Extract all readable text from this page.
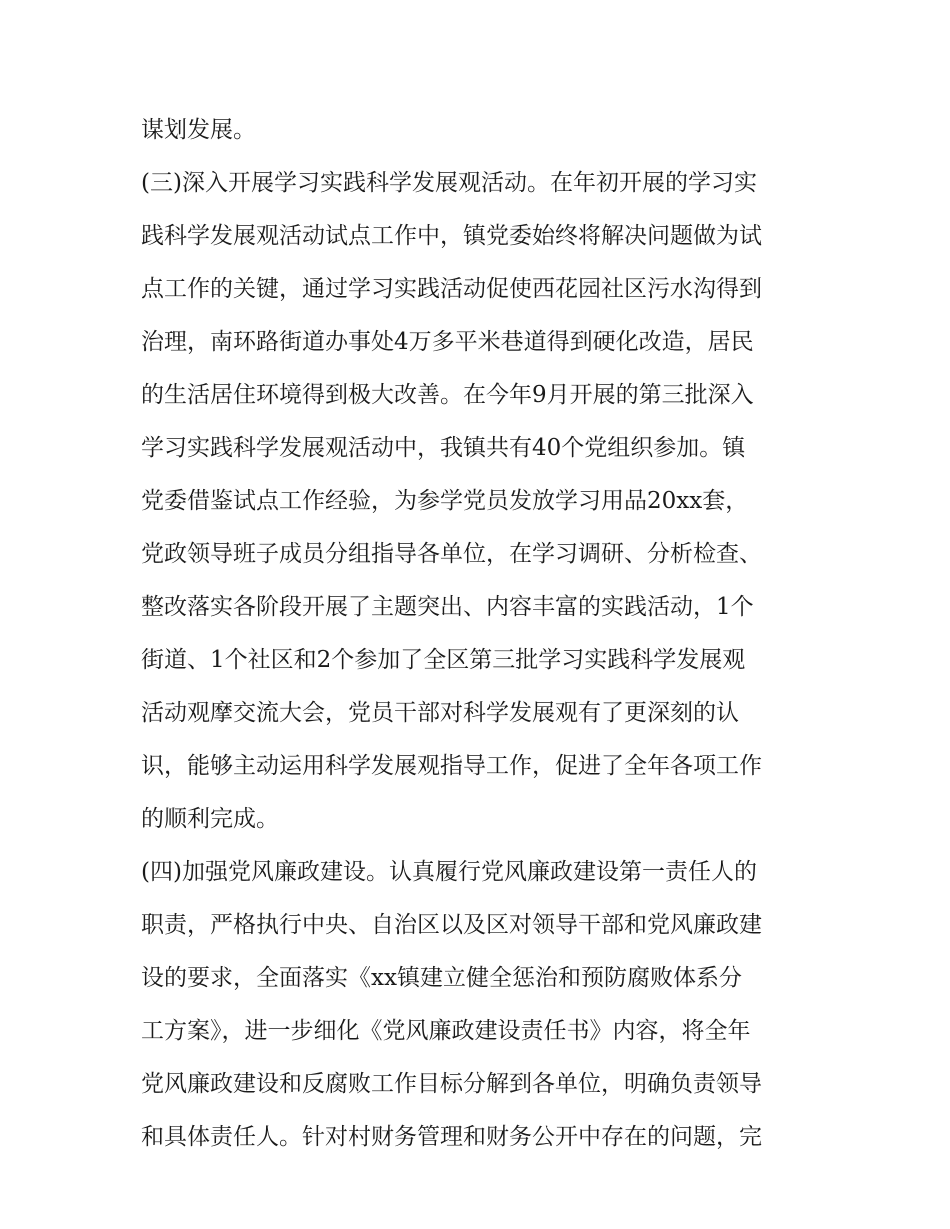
谋划发展。
(三)深入开展学习实践科学发展观活动。在年初开展的学习实
践科学发展观活动试点工作中，镇党委始终将解决问题做为试
点工作的关键，通过学习实践活动促使西花园社区污水沟得到
治理，南环路街道办事处4万多平米巷道得到硬化改造，居民
的生活居住环境得到极大改善。在今年9月开展的第三批深入
学习实践科学发展观活动中，我镇共有40个党组织参加。镇
党委借鉴试点工作经验，为参学党员发放学习用品20xx套，
党政领导班子成员分组指导各单位，在学习调研、分析检查、
整改落实各阶段开展了主题突出、内容丰富的实践活动，1个
街道、1个社区和2个参加了全区第三批学习实践科学发展观
活动观摩交流大会，党员干部对科学发展观有了更深刻的认
识，能够主动运用科学发展观指导工作，促进了全年各项工作
的顺利完成。
(四)加强党风廉政建设。认真履行党风廉政建设第一责任人的
职责，严格执行中央、自治区以及区对领导干部和党风廉政建
设的要求，全面落实《xx镇建立健全惩治和预防腐败体系分
工方案》，进一步细化《党风廉政建设责任书》内容，将全年
党风廉政建设和反腐败工作目标分解到各单位，明确负责领导
和具体责任人。针对村财务管理和财务公开中存在的问题，完
